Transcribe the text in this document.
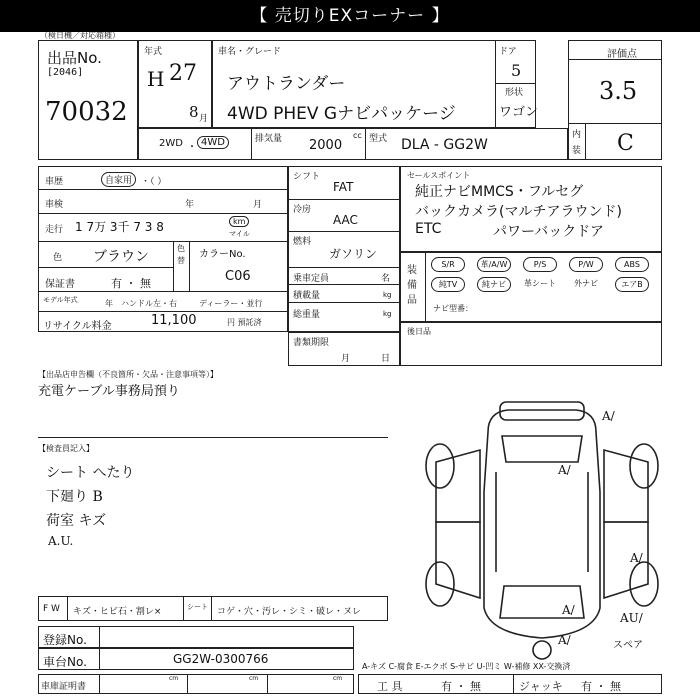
【 売切りEXコーナー 】
（検日機／対応箱種）
出品No.
[2046]
70032
年式
H 27
8 月
車名・グレード
アウトランダー
4WD PHEV Gナビパッケージ
ドア
5
形状
ワゴン
評価点
3.5
内
装 C
2WD ・ 4WD	排気量 2000
cc 型式 DLA - GG2W
車歴	自家用 ・（ ）
車検	年	月
走行 1 7万 3千 7 3 8	km
マイル
色 ブラウン
色
替
カラーNo.
C06
保証書	有 ・ 無
モデル年式	年 ハンドル 左・右	ディーラー・並行
リサイクル料金	11,100	円 預託済
シフト
FAT
冷房
AAC
燃料
ガソリン
乗車定員	名
積載量	kg
総重量	kg
書類期限
月	日
セールスポイント
純正ナビMMCS・フルセグ
バックカメラ(マルチアラウンド)
ETC	パワーバックドア
装備品
S/R	革/A/W	P/S	P/W	ABS
純TV	純ナビ	革シート	外ナビ	エアB
ナビ型番：
後日品
【出品店申告欄（不良箇所・欠品・注意事項等）】
充電ケーブル事務局預り
【検査員記入】
シート へたり
下廻り B
荷室 キズ
A.U.
F W キズ・ヒビ石・割レ×	シート	コゲ・穴・汚レ・シミ・破レ・ヌレ
登録No.
車台No.	GG2W-0300766
車庫証明書
cm	cm	cm
A/
A/
A/
A/
A/
AU/
スペア
A-キズ C-腐食 E-エクボ S-サビ U-凹ミ W-補修 XX-交換済
工 具	有 ・ 無	ジャッキ 有 ・ 無
